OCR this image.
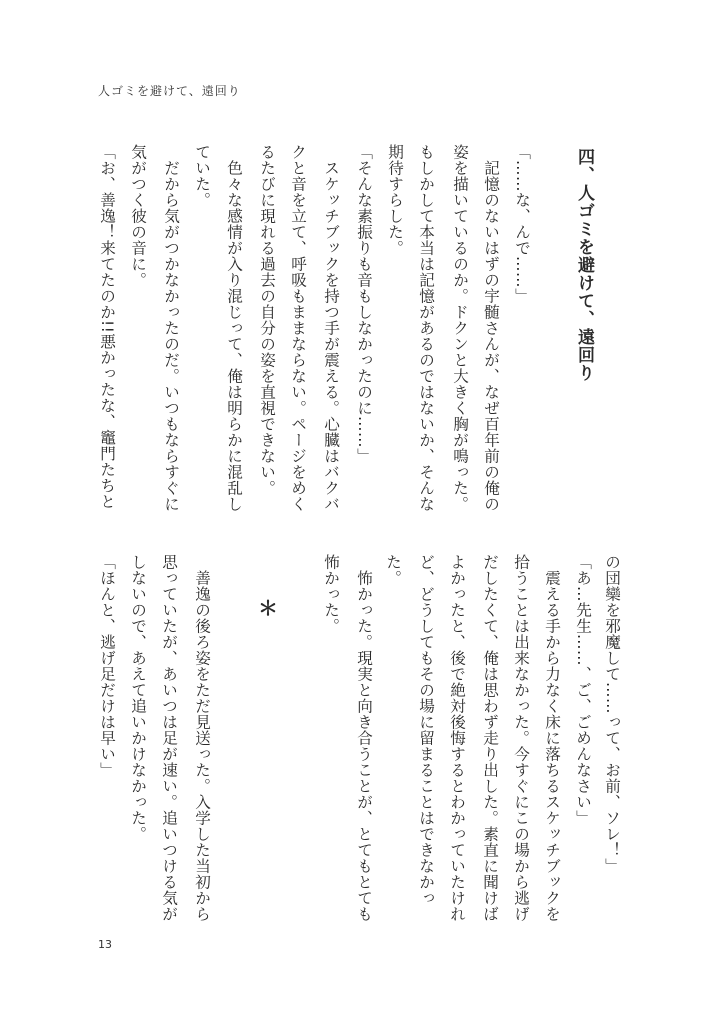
人ゴミを避けて、遠回り
四、人ゴミを避けて、遠回り
「……な、んで……」
　記憶のないはずの宇髄さんが、なぜ百年前の俺の
姿を描いているのか。ドクンと大きく胸が鳴った。
もしかして本当は記憶があるのではないか、そんな
期待すらした。
「そんな素振りも音もしなかったのに……」
　スケッチブックを持つ手が震える。心臓はバクバ
クと音を立て、呼吸もままならない。ページをめく
るたびに現れる過去の自分の姿を直視できない。
　色々な感情が入り混じって、俺は明らかに混乱し
ていた。
　だから気がつかなかったのだ。いつもならすぐに
気がつく彼の音に。
「お、善逸！来てたのか!!悪かったな、竈門たちと
の団欒を邪魔して……って、お前、ソレ！」
「あ…先生……、ご、ごめんなさい」
　震える手から力なく床に落ちるスケッチブックを
拾うことは出来なかった。今すぐにこの場から逃げ
だしたくて、俺は思わず走り出した。素直に聞けば
よかったと、後で絶対後悔するとわかっていたけれ
ど、どうしてもその場に留まることはできなかっ
た。
　怖かった。現実と向き合うことが、とてもとても
怖かった。
　善逸の後ろ姿をただ見送った。入学した当初から
思っていたが、あいつは足が速い。追いつける気が
しないので、あえて追いかけなかった。
「ほんと、逃げ足だけは早い」	＊
13
